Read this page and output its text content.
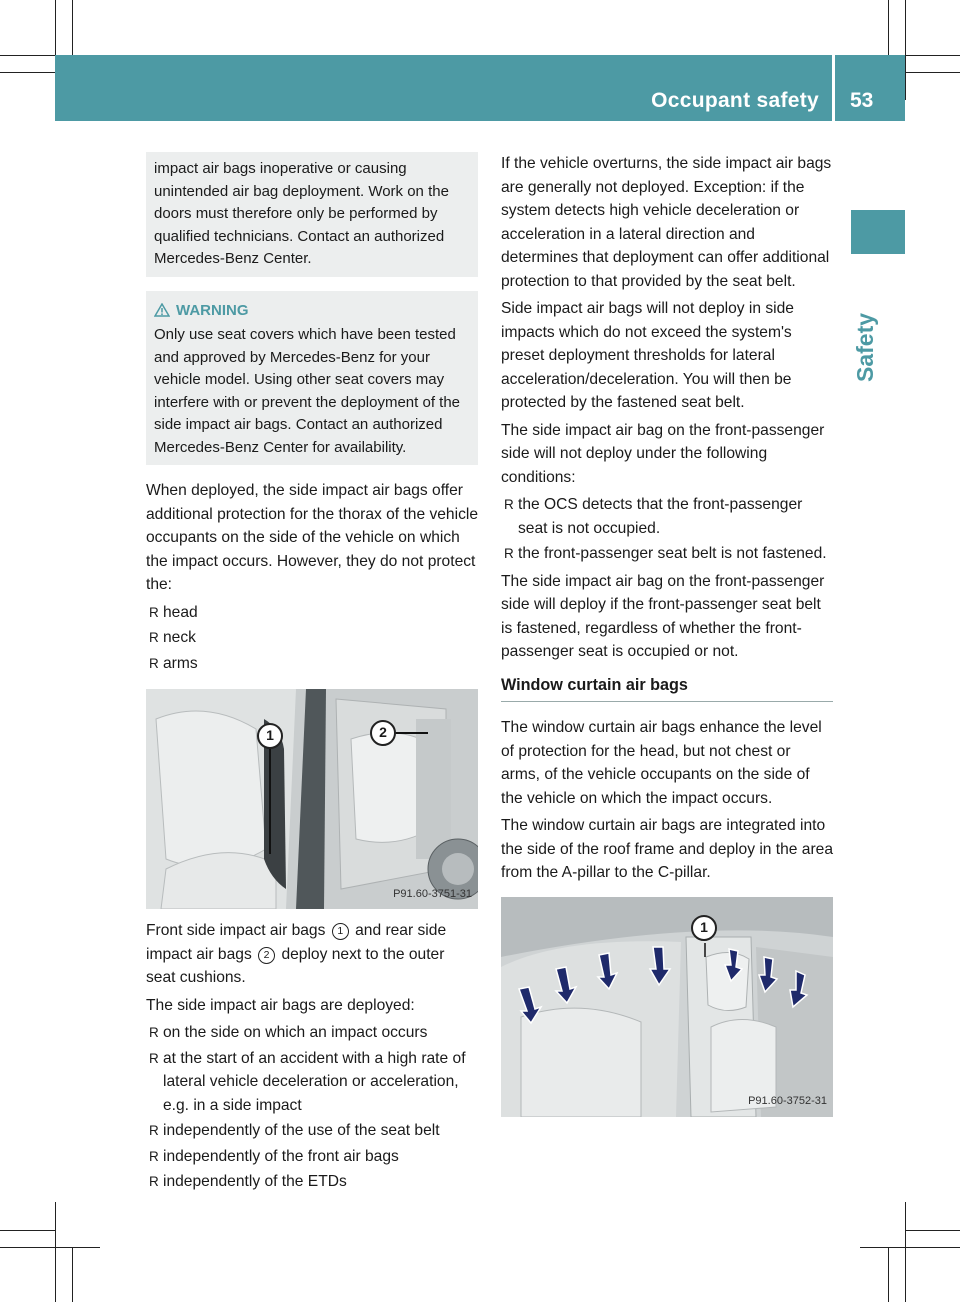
Occupant safety 53
Safety

impact air bags inoperative or causing unintended air bag deployment. Work on the doors must therefore only be performed by qualified technicians. Contact an authorized Mercedes-Benz Center.

WARNING

Only use seat covers which have been tested and approved by Mercedes-Benz for your vehicle model. Using other seat covers may interfere with or prevent the deployment of the side impact air bags. Contact an authorized Mercedes-Benz Center for availability.

When deployed, the side impact air bags offer additional protection for the thorax of the vehicle occupants on the side of the vehicle on which the impact occurs. However, they do not protect the:

R head
R neck
R arms
1	2
P91.60-3751-31

Front side impact air bags 1 and rear side impact air bags 2 deploy next to the outer seat cushions.

The side impact air bags are deployed:

R on the side on which an impact occurs
R at the start of an accident with a high rate of lateral vehicle deceleration or acceleration, e.g. in a side impact
R independently of the use of the seat belt
R independently of the front air bags
R independently of the ETDs

If the vehicle overturns, the side impact air bags are generally not deployed. Exception: if the system detects high vehicle deceleration or acceleration in a lateral direction and determines that deployment can offer additional protection to that provided by the seat belt.

Side impact air bags will not deploy in side impacts which do not exceed the system's preset deployment thresholds for lateral acceleration/deceleration. You will then be protected by the fastened seat belt.

The side impact air bag on the front-passenger side will not deploy under the following conditions:

R the OCS detects that the front-passenger seat is not occupied.
R the front-passenger seat belt is not fastened.

The side impact air bag on the front-passenger side will deploy if the front-passenger seat belt is fastened, regardless of whether the front-passenger seat is occupied or not.

Window curtain air bags

The window curtain air bags enhance the level of protection for the head, but not chest or arms, of the vehicle occupants on the side of the vehicle on which the impact occurs.

The window curtain air bags are integrated into the side of the roof frame and deploy in the area from the A-pillar to the C-pillar.

1
P91.60-3752-31
